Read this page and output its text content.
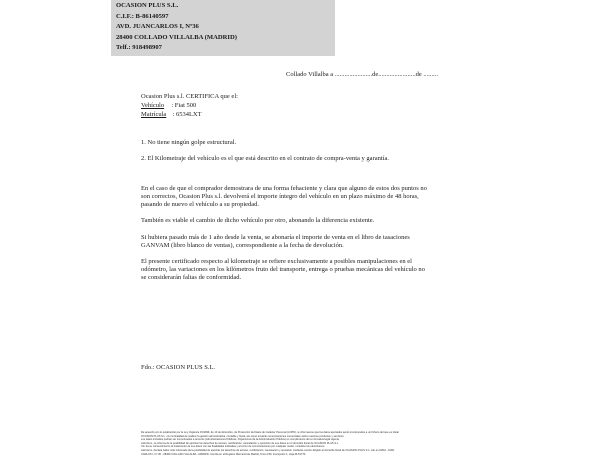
OCASION PLUS S.L.
C.I.F.: B-86140597
AVD. JUANCARLOS I, Nº36
28400 COLLADO VILLALBA (MADRID)
Telf.: 918498907
Collado Villalba a .......................de.......................de .........
Ocasion Plus s.l. CERTIFICA que el:
Vehículo : Fiat 500
Matrícula : 6534LXT
1. No tiene ningún golpe estructural.
2. El Kilometraje del vehículo es el que está descrito en el contrato de compra-venta y garantía.
En el caso de que el comprador demostrara de una forma fehaciente y clara que alguno de estos dos puntos no
son correctos, Ocasion Plus s.l. devolverá el importe íntegro del vehículo en un plazo máximo de 48 horas,
pasando de nuevo el vehículo a su propiedad.
También es viable el cambio de dicho vehículo por otro, abonando la diferencia existente.
Si hubiera pasado más de 1 año desde la venta, se abonaría el importe de venta en el libro de tasaciones
GANVAM (libro blanco de ventas), correspondiente a la fecha de devolución.
El presente certificado respecto al kilometraje se refiere exclusivamente a posibles manipulaciones en el
odómetro, las variaciones en los kilómetros fruto del transporte, entrega o pruebas mecánicas del vehículo no
se considerarán faltas de conformidad.
Fdo.: OCASION PLUS S.L.
De acuerdo con lo establecido por la Ley Orgánica 15/1999, de 13 de diciembre, de Protección de Datos de Carácter Personal (LOPD), le informamos que los datos aportados serán incorporados a un fichero del que es titular
OCASION PLUS S.L. con la finalidad de realizar la gestión administrativa, contable y fiscal, así como enviarle comunicaciones comerciales sobre nuestros productos y servicios.
Los datos incluidos podrán ser comunicados a terceros (Administraciones Públicas, Organismos de la Administración Pública) en cumplimiento de la normativa legal vigente.
Asimismo, se informa de la posibilidad de ejercitar los derechos de acceso, rectificación, cancelación y oposición de sus datos en el domicilio fiscal de OCASION PLUS S.L.
Ud. da su consentimiento al tratamiento de sus datos con las finalidades indicadas y al envío de comunicaciones por cualquier medio, incluidos los electrónicos.
Asimismo, declara haber sido informado de la posibilidad de ejercitar los derechos de acceso, rectificación, cancelación y oposición mediante escrito dirigido al domicilio fiscal de OCASION PLUS S.L. sito en AVDA. JUAN
CARLOS I, Nº 36 - 28400 COLLADO VILLALBA - MADRID. Inscrita en el Registro Mercantil de Madrid, Tomo 159, Inscripción 1, Hoja M-51770.
